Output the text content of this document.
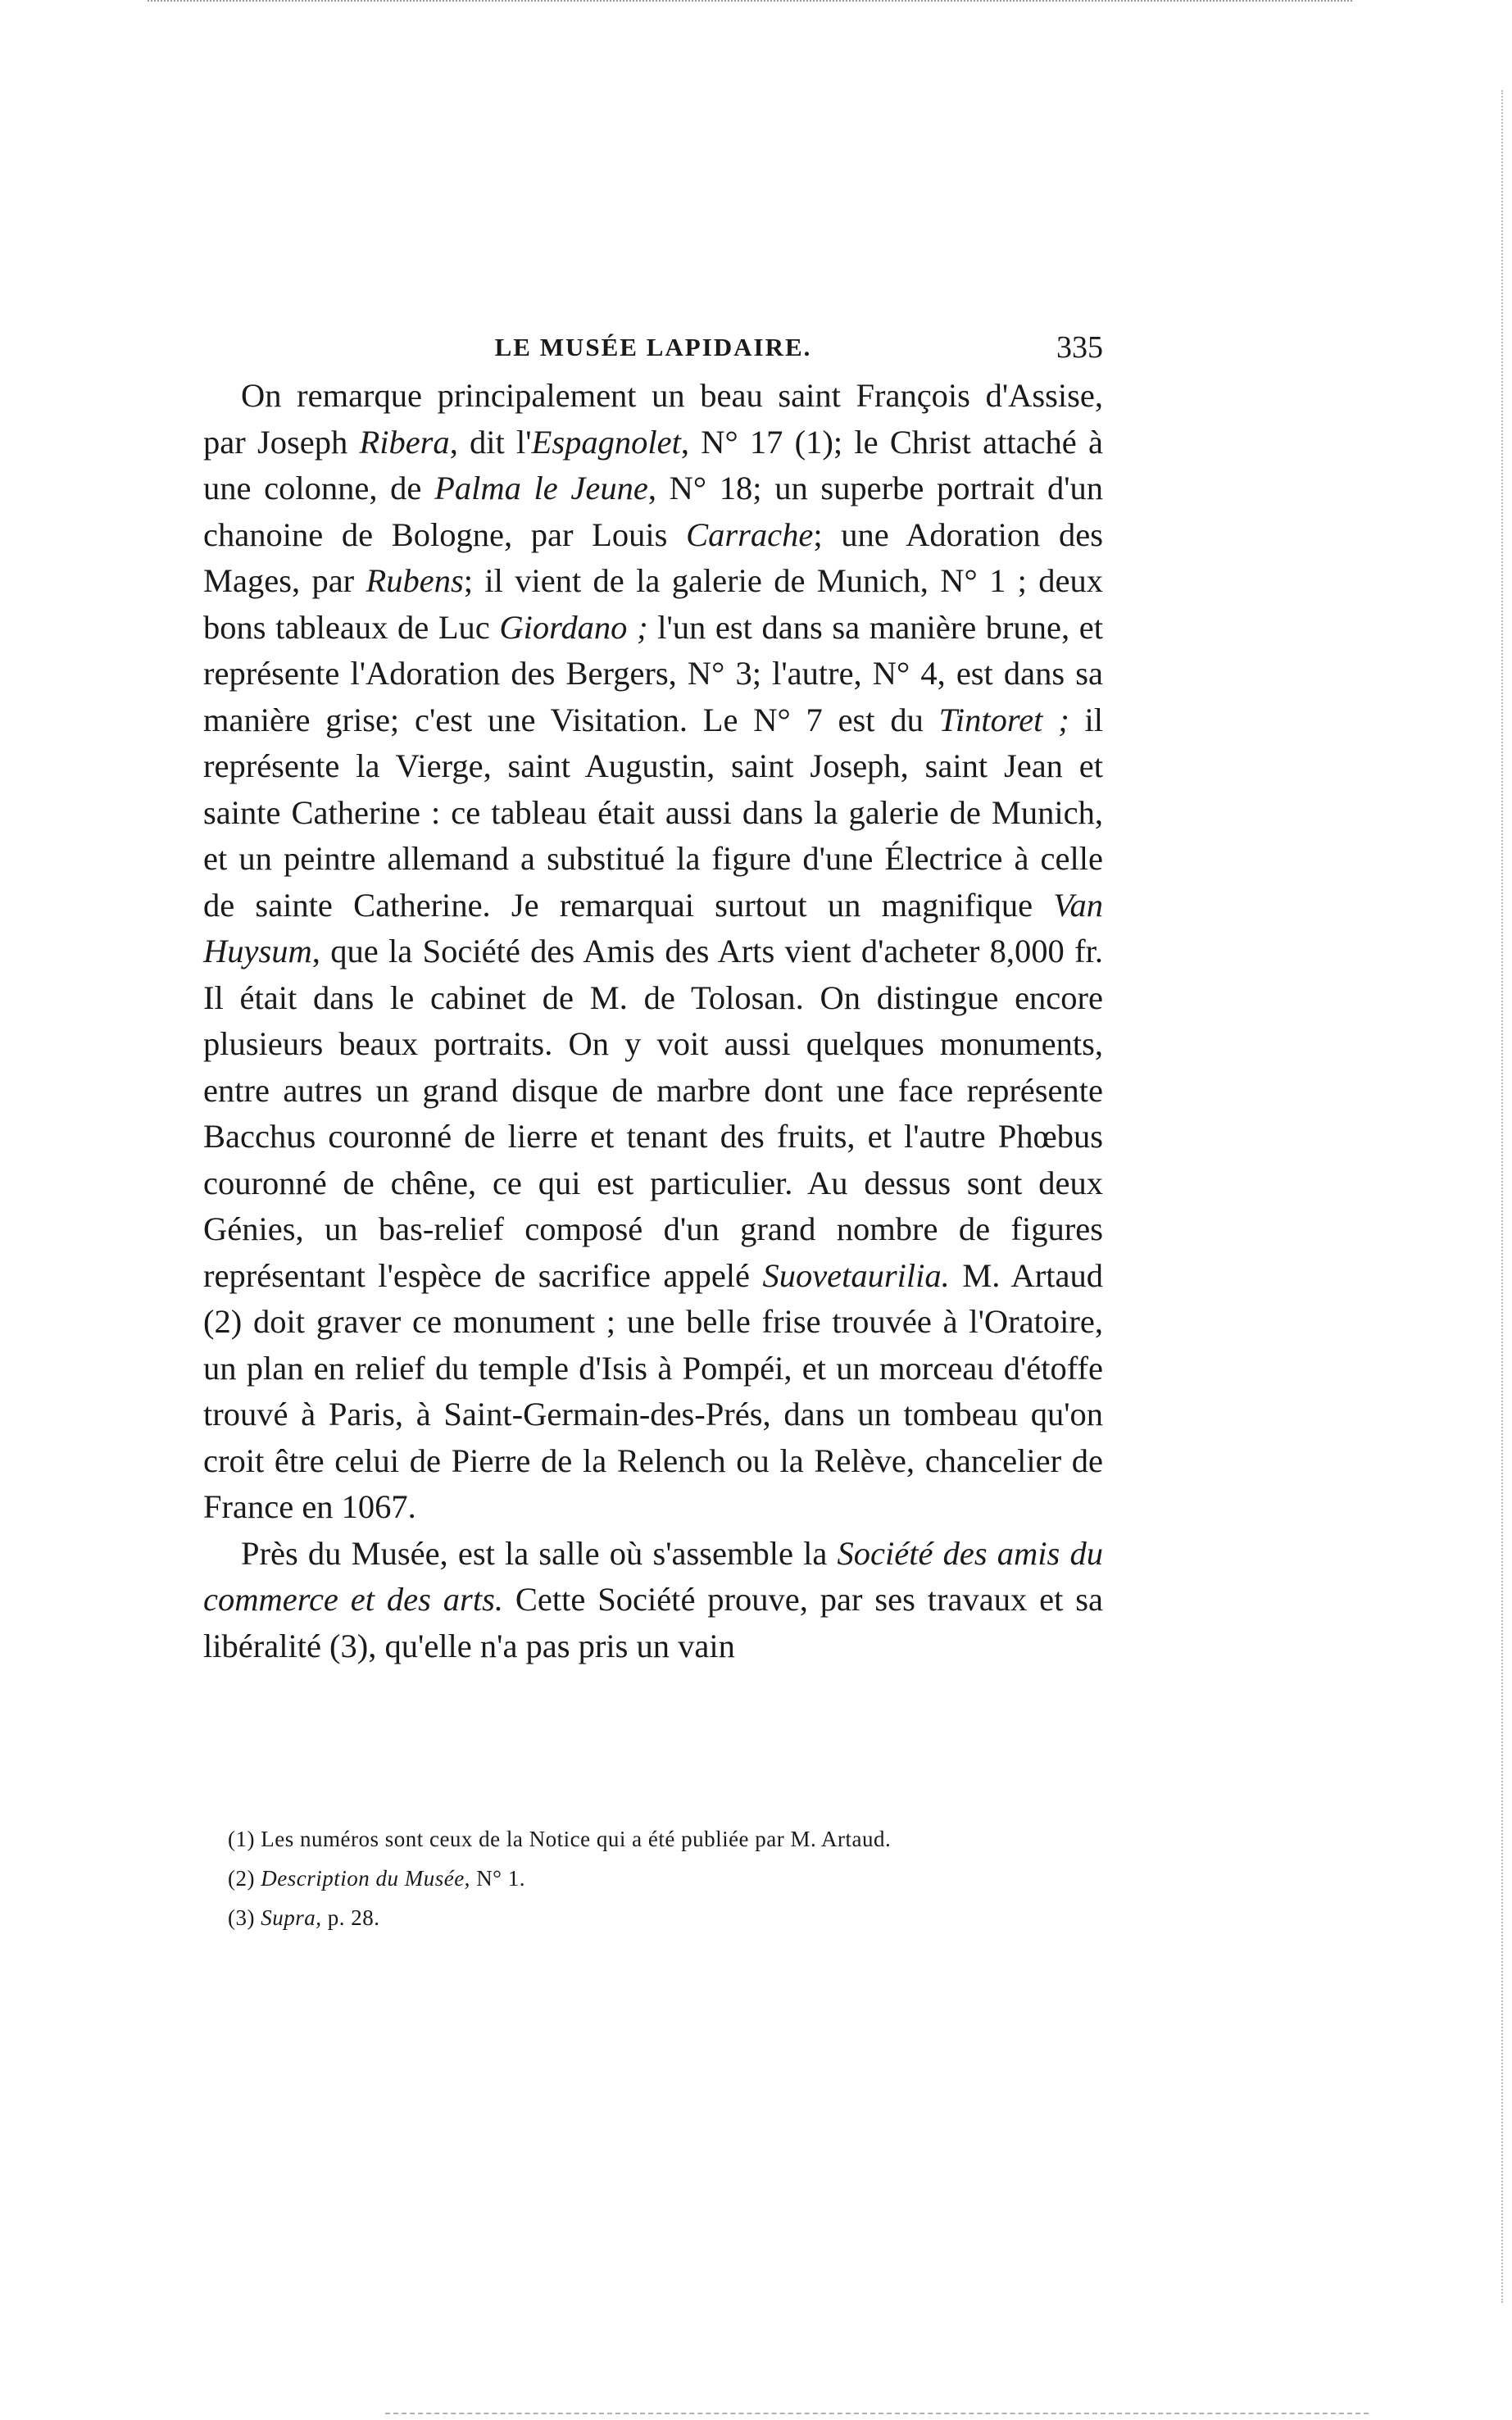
LE MUSÉE LAPIDAIRE.	335

On remarque principalement un beau saint François d'Assise, par Joseph Ribera, dit l'Espagnolet, N° 17 (1); le Christ attaché à une colonne, de Palma le Jeune, N° 18; un superbe portrait d'un chanoine de Bologne, par Louis Carrache; une Adoration des Mages, par Rubens; il vient de la galerie de Munich, N° 1 ; deux bons tableaux de Luc Giordano ; l'un est dans sa manière brune, et représente l'Adoration des Bergers, N° 3; l'autre, N° 4, est dans sa manière grise; c'est une Visitation. Le N° 7 est du Tintoret ; il représente la Vierge, saint Augustin, saint Joseph, saint Jean et sainte Catherine : ce tableau était aussi dans la galerie de Munich, et un peintre allemand a substitué la figure d'une Électrice à celle de sainte Catherine. Je remarquai surtout un magnifique Van Huysum, que la Société des Amis des Arts vient d'acheter 8,000 fr. Il était dans le cabinet de M. de Tolosan. On distingue encore plusieurs beaux portraits. On y voit aussi quelques monuments, entre autres un grand disque de marbre dont une face représente Bacchus couronné de lierre et tenant des fruits, et l'autre Phœbus couronné de chêne, ce qui est particulier. Au dessus sont deux Génies, un bas-relief composé d'un grand nombre de figures représentant l'espèce de sacrifice appelé Suovetaurilia. M. Artaud (2) doit graver ce monument ; une belle frise trouvée à l'Oratoire, un plan en relief du temple d'Isis à Pompéi, et un morceau d'étoffe trouvé à Paris, à Saint-Germain-des-Prés, dans un tombeau qu'on croit être celui de Pierre de la Relench ou la Relève, chancelier de France en 1067.

Près du Musée, est la salle où s'assemble la Société des amis du commerce et des arts. Cette Société prouve, par ses travaux et sa libéralité (3), qu'elle n'a pas pris un vain

(1) Les numéros sont ceux de la Notice qui a été publiée par M. Artaud.

(2) Description du Musée, N° 1.

(3) Supra, p. 28.
